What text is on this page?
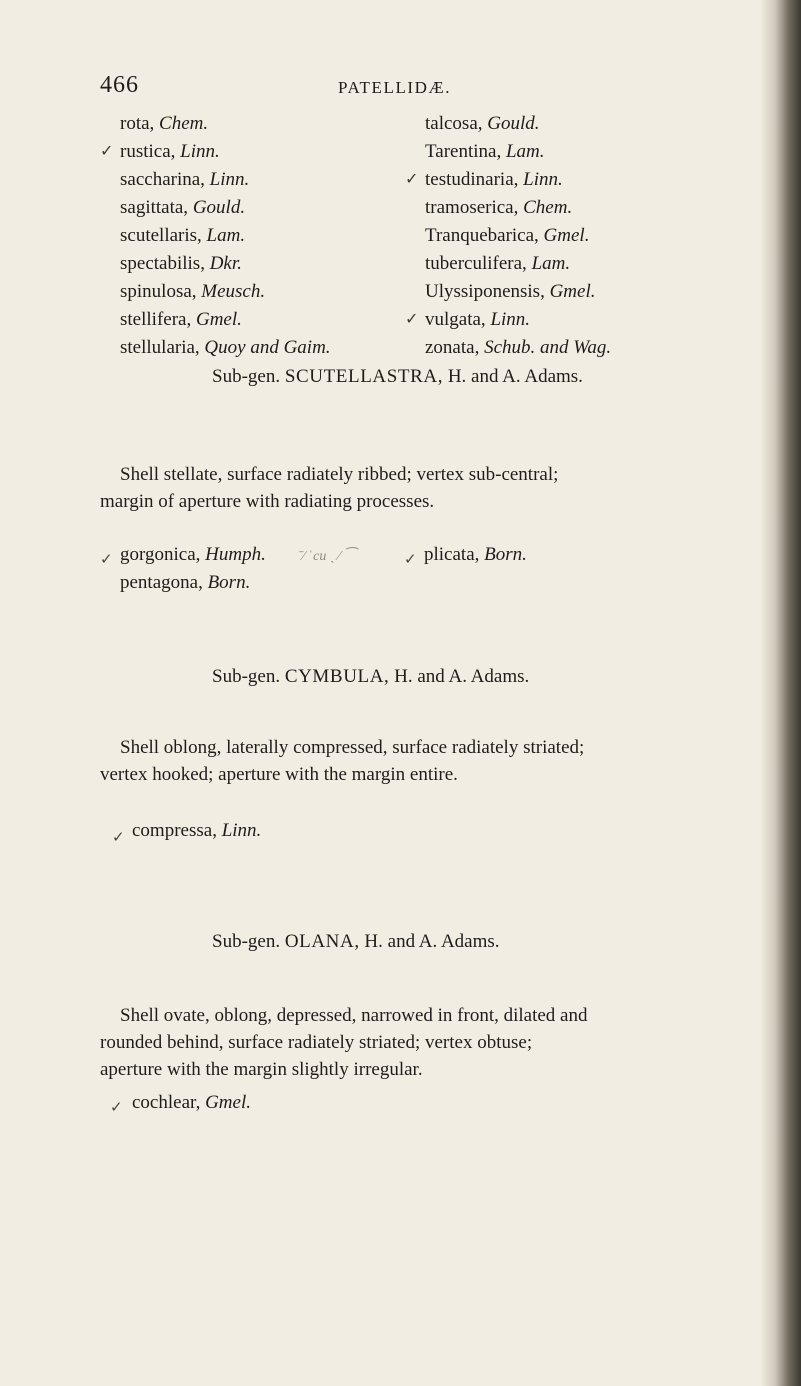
466	PATELLIDÆ.
rota, Chem.
✓ rustica, Linn.
saccharina, Linn.
sagittata, Gould.
scutellaris, Lam.
spectabilis, Dkr.
spinulosa, Meusch.
stellifera, Gmel.
stellularia, Quoy and Gaim.
talcosa, Gould.
Tarentina, Lam.
✓ testudinaria, Linn.
tramoserica, Chem.
Tranquebarica, Gmel.
tuberculifera, Lam.
Ulyssiponensis, Gmel.
✓ vulgata, Linn.
zonata, Schub. and Wag.
Sub-gen. SCUTELLASTRA, H. and A. Adams.
Shell stellate, surface radiately ribbed; vertex sub-central;
margin of aperture with radiating processes.
✓ gorgonica, Humph. ˉ⁄ ˈcu ˎ ⁄ ⁀	✓ plicata, Born.
pentagona, Born.
Sub-gen. CYMBULA, H. and A. Adams.
Shell oblong, laterally compressed, surface radiately striated;
vertex hooked; aperture with the margin entire.
✓ compressa, Linn.
Sub-gen. OLANA, H. and A. Adams.
Shell ovate, oblong, depressed, narrowed in front, dilated and
rounded behind, surface radiately striated; vertex obtuse;
aperture with the margin slightly irregular.
✓ cochlear, Gmel.
